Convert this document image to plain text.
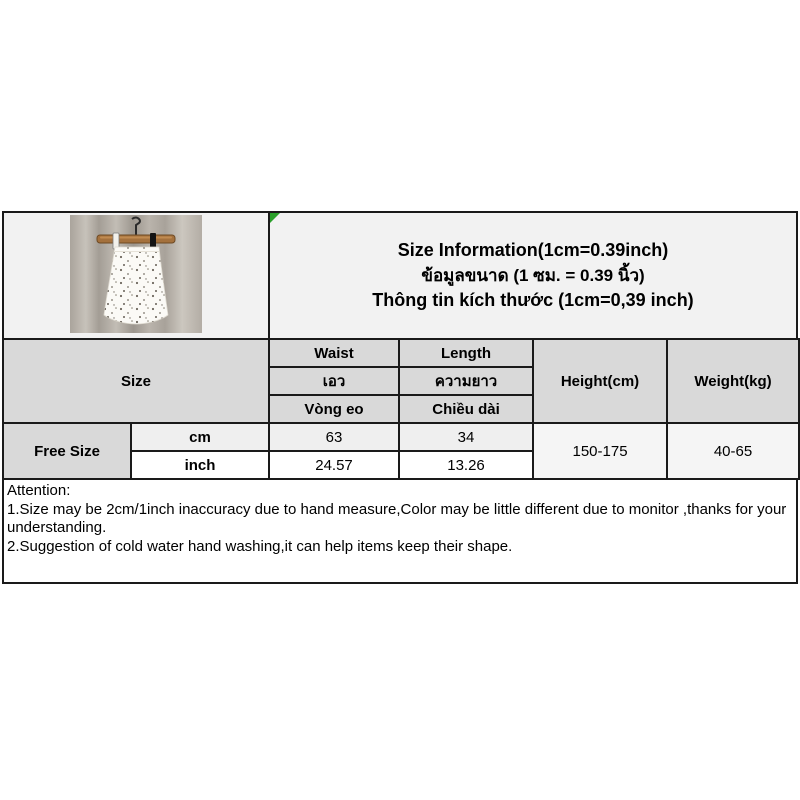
Size Information(1cm=0.39inch)
ข้อมูลขนาด (1 ซม. = 0.39 นิ้ว)
Thông tin kích thước (1cm=0,39 inch)
Size		Waist	Length	Height(cm)	Weight(kg)
		เอว	ความยาว		
		Vòng eo	Chiều dài		
Free Size	cm	63	34	150-175	40-65
	inch	24.57	13.26		
Attention:
1.Size may be 2cm/1inch inaccuracy due to hand measure,Color may be little different due to monitor ,thanks for your understanding.
2.Suggestion of cold water hand washing,it can help items keep their shape.
